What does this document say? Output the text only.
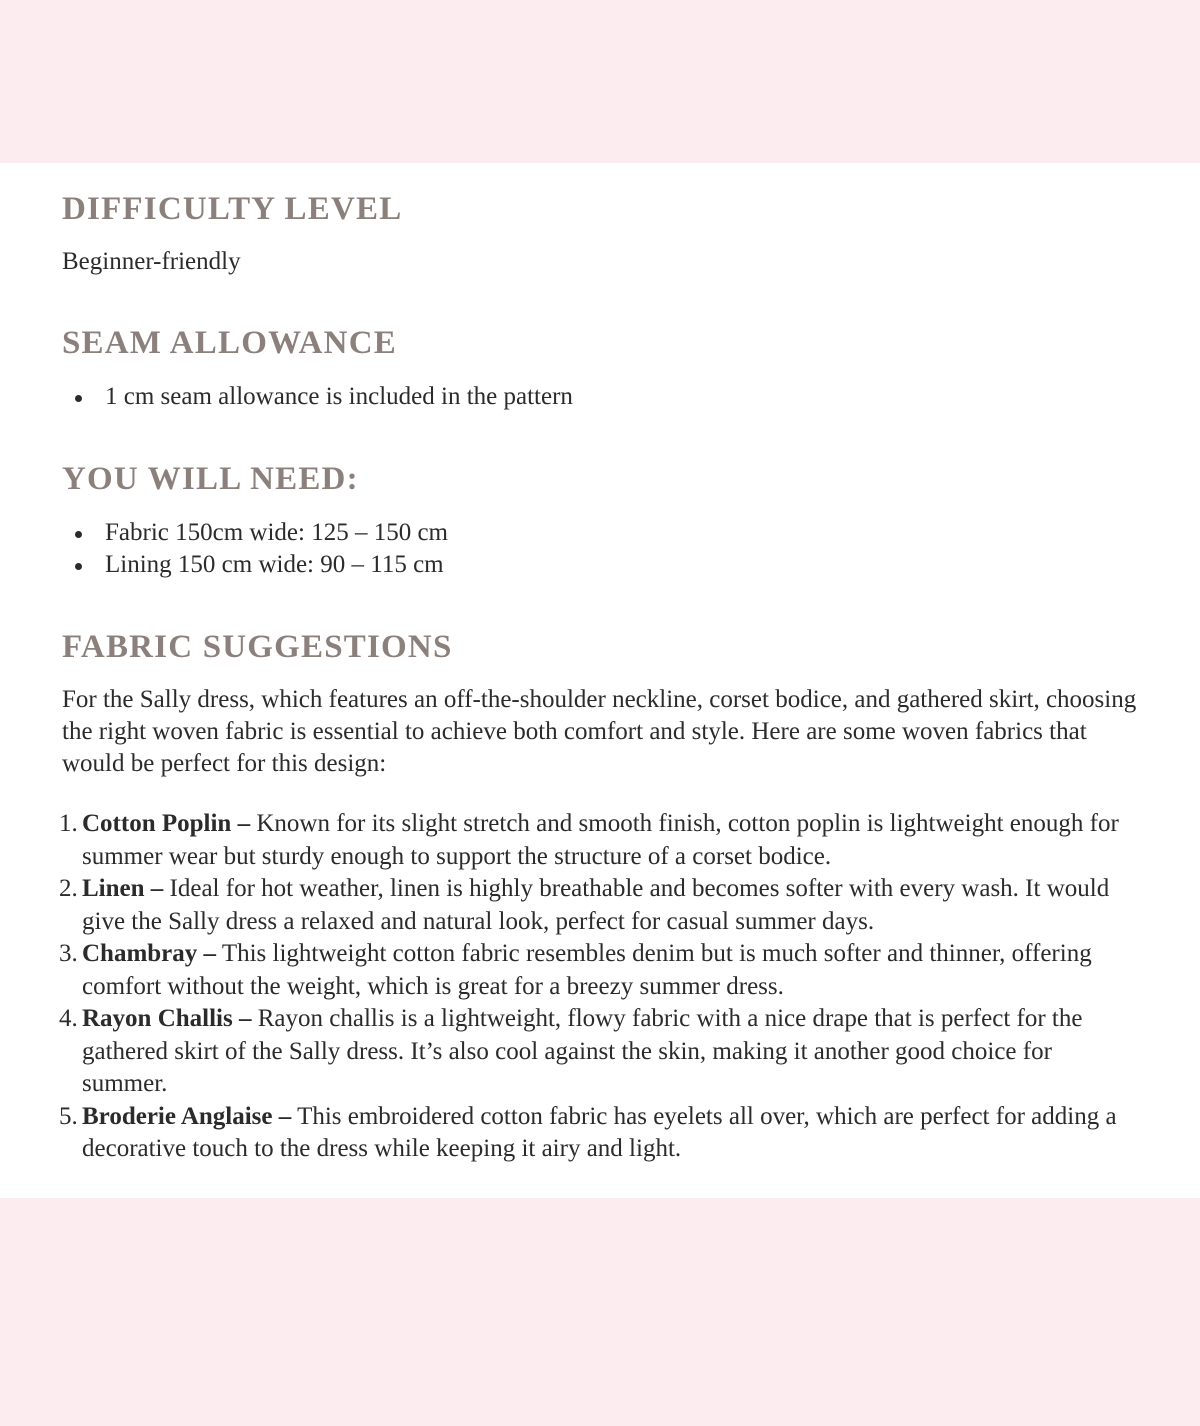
DIFFICULTY LEVEL

Beginner-friendly

SEAM ALLOWANCE
1 cm seam allowance is included in the pattern
YOU WILL NEED:
Fabric 150cm wide: 125 – 150 cm
Lining 150 cm wide: 90 – 115 cm
FABRIC SUGGESTIONS

For the Sally dress, which features an off-the-shoulder neckline, corset bodice, and gathered skirt, choosing the right woven fabric is essential to achieve both comfort and style. Here are some woven fabrics that would be perfect for this design:

1. Cotton Poplin – Known for its slight stretch and smooth finish, cotton poplin is lightweight enough for summer wear but sturdy enough to support the structure of a corset bodice.
2. Linen – Ideal for hot weather, linen is highly breathable and becomes softer with every wash. It would give the Sally dress a relaxed and natural look, perfect for casual summer days.
3. Chambray – This lightweight cotton fabric resembles denim but is much softer and thinner, offering comfort without the weight, which is great for a breezy summer dress.
4. Rayon Challis – Rayon challis is a lightweight, flowy fabric with a nice drape that is perfect for the gathered skirt of the Sally dress. It’s also cool against the skin, making it another good choice for summer.
5. Broderie Anglaise – This embroidered cotton fabric has eyelets all over, which are perfect for adding a decorative touch to the dress while keeping it airy and light.
